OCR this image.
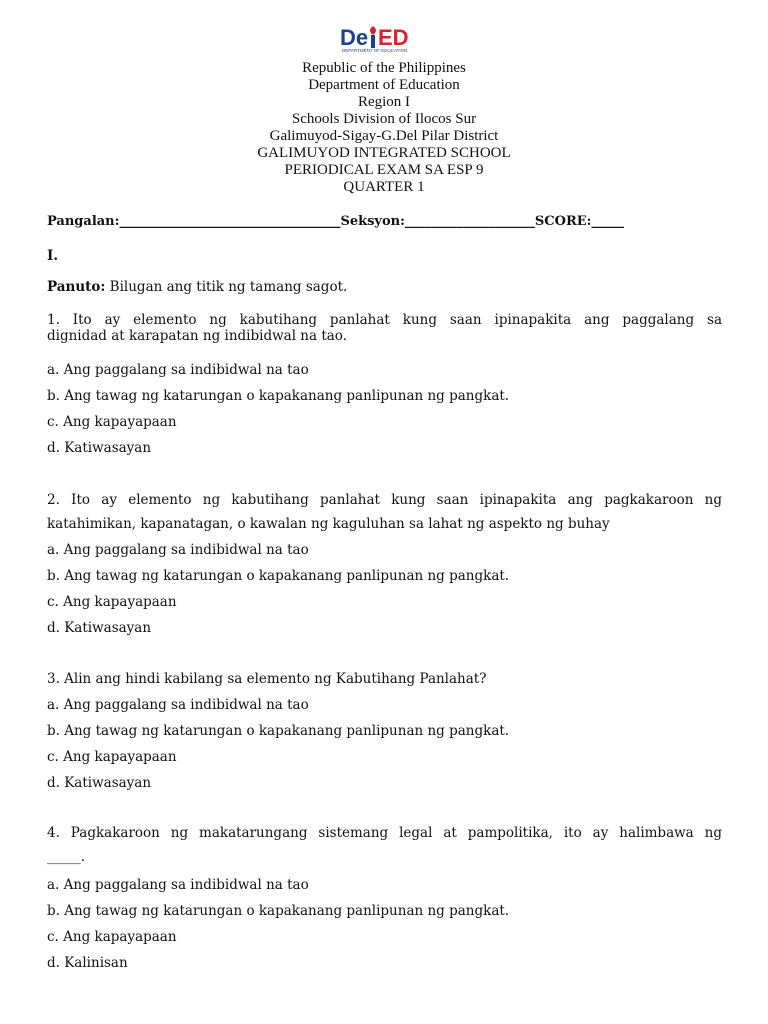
De ED
DEPARTMENT OF EDUCATION
Republic of the Philippines
Department of Education
Region I
Schools Division of Ilocos Sur
Galimuyod-Sigay-G.Del Pilar District
GALIMUYOD INTEGRATED SCHOOL
PERIODICAL EXAM SA ESP 9
QUARTER 1
Pangalan:__________________________________Seksyon:____________________SCORE:_____
I.
Panuto: Bilugan ang titik ng tamang sagot.
1. Ito ay elemento ng kabutihang panlahat kung saan ipinapakita ang paggalang sa
dignidad at karapatan ng indibidwal na tao.
a. Ang paggalang sa indibidwal na tao
b. Ang tawag ng katarungan o kapakanang panlipunan ng pangkat.
c. Ang kapayapaan
d. Katiwasayan
2. Ito ay elemento ng kabutihang panlahat kung saan ipinapakita ang pagkakaroon ng
katahimikan, kapanatagan, o kawalan ng kaguluhan sa lahat ng aspekto ng buhay
a. Ang paggalang sa indibidwal na tao
b. Ang tawag ng katarungan o kapakanang panlipunan ng pangkat.
c. Ang kapayapaan
d. Katiwasayan
3. Alin ang hindi kabilang sa elemento ng Kabutihang Panlahat?
a. Ang paggalang sa indibidwal na tao
b. Ang tawag ng katarungan o kapakanang panlipunan ng pangkat.
c. Ang kapayapaan
d. Katiwasayan
4. Pagkakaroon ng makatarungang sistemang legal at pampolitika, ito ay halimbawa ng
_____.
a. Ang paggalang sa indibidwal na tao
b. Ang tawag ng katarungan o kapakanang panlipunan ng pangkat.
c. Ang kapayapaan
d. Kalinisan
